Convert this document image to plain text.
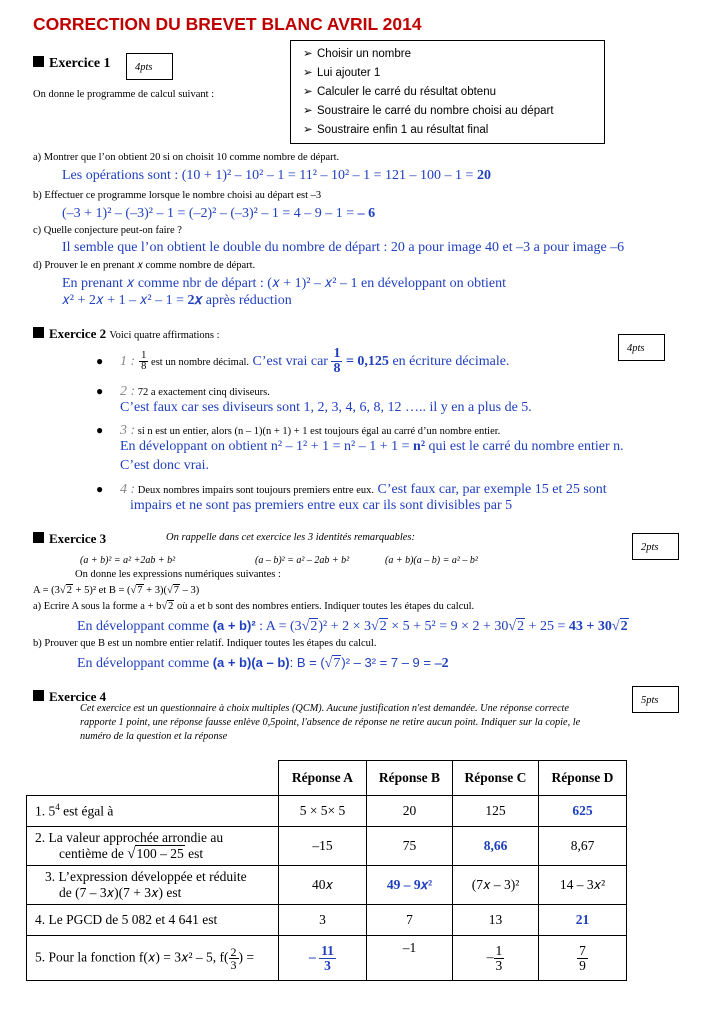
CORRECTION DU BREVET BLANC AVRIL 2014
Exercice 1	4pts
On donne le programme de calcul suivant :
➢ Choisir un nombre
➢ Lui ajouter 1
➢ Calculer le carré du résultat obtenu
➢ Soustraire le carré du nombre choisi au départ
➢ Soustraire enfin 1 au résultat final
a) Montrer que l’on obtient 20 si on choisit 10 comme nombre de départ.
Les opérations sont : (10 + 1)² – 10² – 1 = 11² – 10² – 1 = 121 – 100 – 1 = 20
b) Effectuer ce programme lorsque le nombre choisi au départ est –3
(–3 + 1)² – (–3)² – 1 = (–2)² – (–3)² – 1 = 4 – 9 – 1 = – 6
c) Quelle conjecture peut-on faire ?
Il semble que l’on obtient le double du nombre de départ : 20 a pour image 40 et –3 a pour image –6
d) Prouver le en prenant 𝑥 comme nombre de départ.
En prenant 𝑥 comme nbr de départ : (𝑥 + 1)² – 𝑥² – 1 en développant on obtient
𝑥² + 2𝑥 + 1 – 𝑥² – 1 = 2𝑥 après réduction
Exercice 2 Voici quatre affirmations :
4pts
● 1 : $\frac{1}{8}$ est un nombre décimal. C’est vrai car $\frac{1}{8} = 0,125$ en écriture décimale.
● 2 : 72 a exactement cinq diviseurs.
C’est faux car ses diviseurs sont 1, 2, 3, 4, 6, 8, 12 ….. il y en a plus de 5.
● 3 : si n est un entier, alors (n – 1)(n + 1) + 1 est toujours égal au carré d’un nombre entier.
En développant on obtient n² – 1² + 1 = n² – 1 + 1 = n² qui est le carré du nombre entier n.
C’est donc vrai.
● 4 : Deux nombres impairs sont toujours premiers entre eux. C’est faux car, par exemple 15 et 25 sont
impairs et ne sont pas premiers entre eux car ils sont divisibles par 5
Exercice 3	On rappelle dans cet exercice les 3 identités remarquables:
2pts
(a + b)² = a² +2ab + b²	(a – b)² = a² – 2ab + b²	(a + b)(a – b) = a² – b²
On donne les expressions numériques suivantes :
A = (3√2 + 5)² et B = (√7 + 3)(√7 – 3)
a) Ecrire A sous la forme a + b√2 où a et b sont des nombres entiers. Indiquer toutes les étapes du calcul.
En développant comme (a + b)² : A = (3√2)² + 2 × 3√2 × 5 + 5² = 9 × 2 + 30√2 + 25 = 43 + 30√2
b) Prouver que B est un nombre entier relatif. Indiquer toutes les étapes du calcul.
En développant comme (a + b)(a – b): B = (√7)² – 3² = 7 – 9 = –2
Exercice 4	5pts
Cet exercice est un questionnaire à choix multiples (QCM). Aucune justification n'est demandée. Une réponse correcte
rapporte 1 point, une réponse fausse enlève 0,5point, l'absence de réponse ne retire aucun point. Indiquer sur la copie, le
numéro de la question et la réponse
	Réponse A	Réponse B	Réponse C	Réponse D
1. $5^4$ est égal à	5 × 5× 5	20	125	625

2. La valeur approchée arrondie au
centième de √100 – 25 est	–15	75	8,66	8,67

3. L’expression développée et réduite
de (7 – 3𝑥)(7 + 3𝑥) est	40𝑥	49 – 9𝑥²	(7𝑥 – 3)²	14 – 3𝑥²
4. Le PGCD de 5 082 et 4 641 est	3	7	13	21
5. Pour la fonction f(𝑥) = 3𝑥² – 5, $f( \frac{2}{3}$ ) =	– $\frac{11}{3}$	–1	– $\frac{1}{3}$	$\frac{7}{9}$
